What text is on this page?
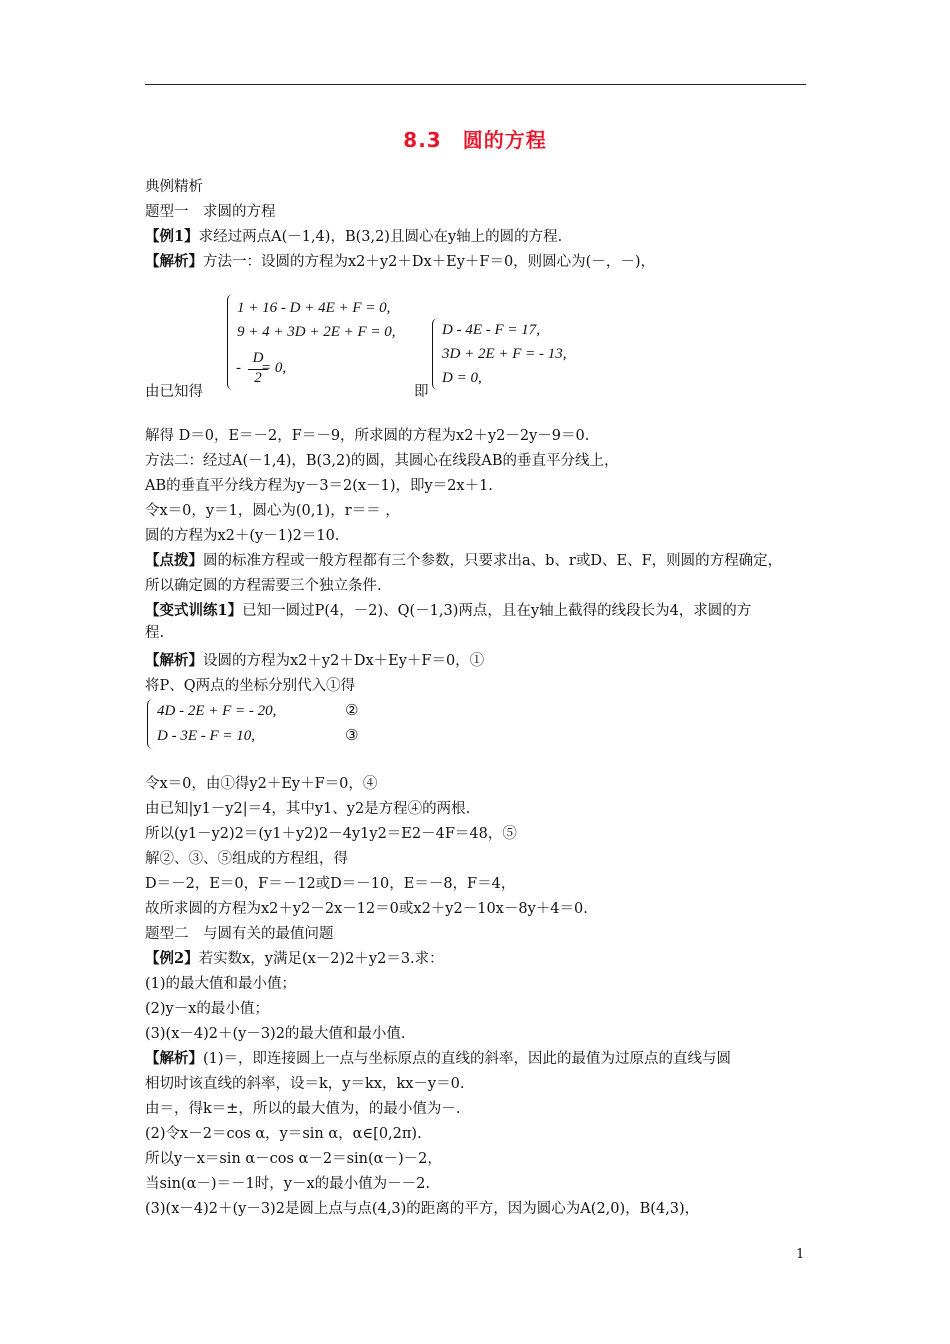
8.3　圆的方程
典例精析
题型一　求圆的方程
【例1】求经过两点A(－1,4)，B(3,2)且圆心在y轴上的圆的方程.
【解析】方法一：设圆的方程为x2＋y2＋Dx＋Ey＋F＝0，则圆心为(－，－)，
1 + 16 - D + 4E + F = 0,
9 + 4 + 3D + 2E + F = 0,
= 0,
D
2
-
由已知得	即
D - 4E - F = 17,
3D + 2E + F = - 13,
D = 0,
解得 D＝0，E＝－2，F＝－9，所求圆的方程为x2＋y2－2y－9＝0.
方法二：经过A(－1,4)，B(3,2)的圆，其圆心在线段AB的垂直平分线上，
AB的垂直平分线方程为y－3＝2(x－1)，即y＝2x＋1.
令x＝0，y＝1，圆心为(0,1)，r＝＝ ，
圆的方程为x2＋(y－1)2＝10.
【点拨】圆的标准方程或一般方程都有三个参数，只要求出a、b、r或D、E、F，则圆的方程确定，
所以确定圆的方程需要三个独立条件.
【变式训练1】已知一圆过P(4，－2)、Q(－1,3)两点，且在y轴上截得的线段长为4，求圆的方
程.
【解析】设圆的方程为x2＋y2＋Dx＋Ey＋F＝0，①
将P、Q两点的坐标分别代入①得
4D - 2E + F = - 20,
D - 3E - F = 10,
②
③
令x＝0，由①得y2＋Ey＋F＝0，④
由已知|y1－y2|＝4，其中y1、y2是方程④的两根.
所以(y1－y2)2＝(y1＋y2)2－4y1y2＝E2－4F＝48，⑤
解②、③、⑤组成的方程组，得
D＝－2，E＝0，F＝－12或D＝－10，E＝－8，F＝4，
故所求圆的方程为x2＋y2－2x－12＝0或x2＋y2－10x－8y＋4＝0.
题型二　与圆有关的最值问题
【例2】若实数x，y满足(x－2)2＋y2＝3.求：
(1)的最大值和最小值；
(2)y－x的最小值；
(3)(x－4)2＋(y－3)2的最大值和最小值.
【解析】(1)＝，即连接圆上一点与坐标原点的直线的斜率，因此的最值为过原点的直线与圆
相切时该直线的斜率，设＝k，y＝kx，kx－y＝0.
由＝，得k＝±，所以的最大值为，的最小值为－.
(2)令x－2＝cos α，y＝sin α，α∈[0,2π).
所以y－x＝sin α－cos α－2＝sin(α－)－2，
当sin(α－)＝－1时，y－x的最小值为－－2.
(3)(x－4)2＋(y－3)2是圆上点与点(4,3)的距离的平方，因为圆心为A(2,0)，B(4,3)，
1
